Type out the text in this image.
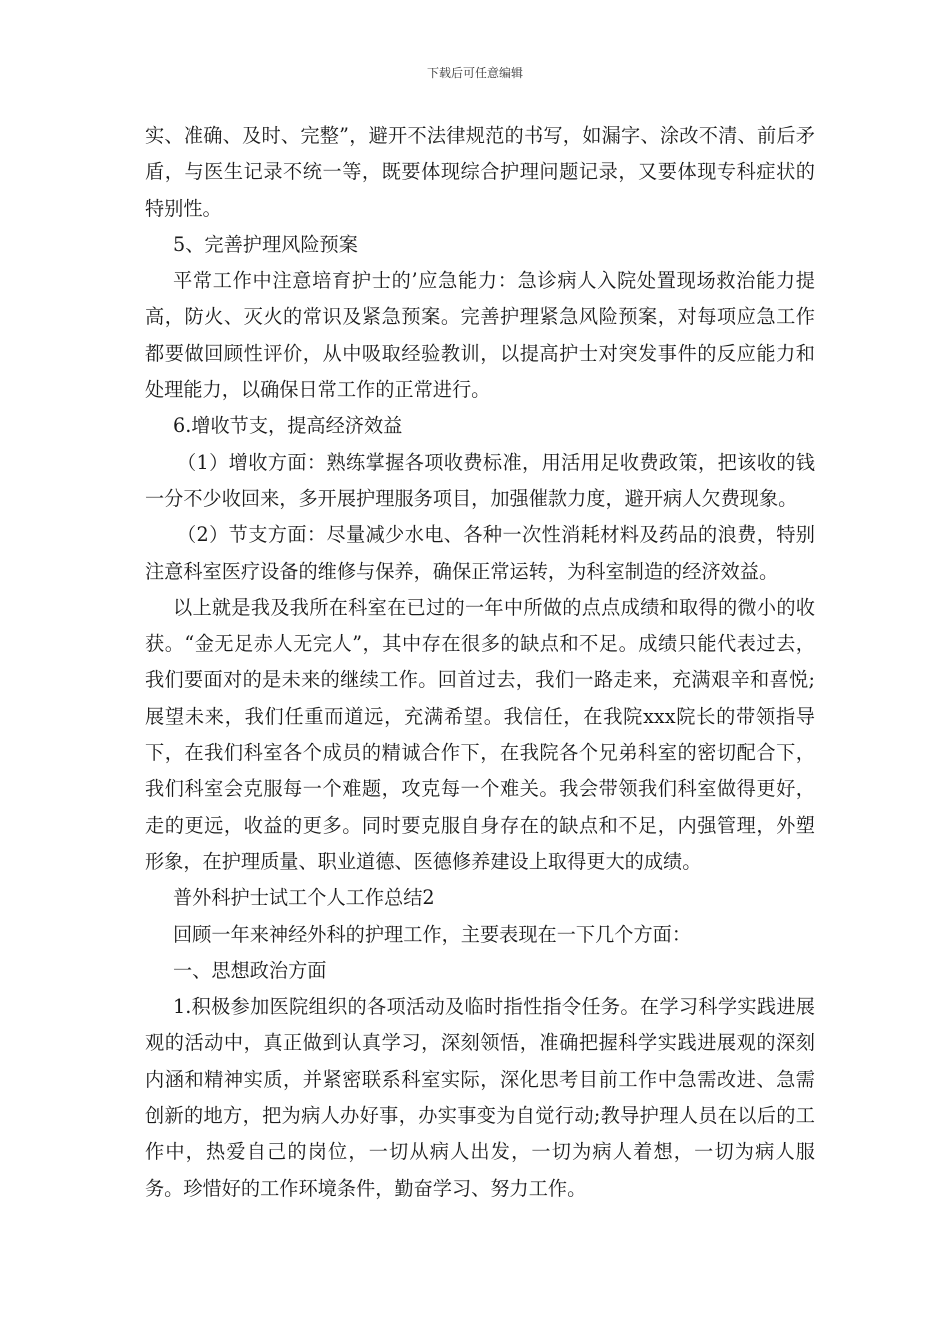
下载后可任意编辑

实、准确、及时、完整”，避开不法律规范的书写，如漏字、涂改不清、前后矛盾，与医生记录不统一等，既要体现综合护理问题记录，又要体现专科症状的特别性。

5、完善护理风险预案

平常工作中注意培育护士的’应急能力：急诊病人入院处置现场救治能力提高，防火、灭火的常识及紧急预案。完善护理紧急风险预案，对每项应急工作都要做回顾性评价，从中吸取经验教训，以提高护士对突发事件的反应能力和处理能力，以确保日常工作的正常进行。

6.增收节支，提高经济效益

（1）增收方面：熟练掌握各项收费标准，用活用足收费政策，把该收的钱一分不少收回来，多开展护理服务项目，加强催款力度，避开病人欠费现象。

（2）节支方面：尽量减少水电、各种一次性消耗材料及药品的浪费，特别注意科室医疗设备的维修与保养，确保正常运转，为科室制造的经济效益。

以上就是我及我所在科室在已过的一年中所做的点点成绩和取得的微小的收获。“金无足赤人无完人”，其中存在很多的缺点和不足。成绩只能代表过去，我们要面对的是未来的继续工作。回首过去，我们一路走来，充满艰辛和喜悦;展望未来，我们任重而道远，充满希望。我信任，在我院xxx院长的带领指导下，在我们科室各个成员的精诚合作下，在我院各个兄弟科室的密切配合下，我们科室会克服每一个难题，攻克每一个难关。我会带领我们科室做得更好，走的更远，收益的更多。同时要克服自身存在的缺点和不足，内强管理，外塑形象，在护理质量、职业道德、医德修养建设上取得更大的成绩。

普外科护士试工个人工作总结2

回顾一年来神经外科的护理工作，主要表现在一下几个方面：

一、思想政治方面

1.积极参加医院组织的各项活动及临时指性指令任务。在学习科学实践进展观的活动中，真正做到认真学习，深刻领悟，准确把握科学实践进展观的深刻内涵和精神实质，并紧密联系科室实际，深化思考目前工作中急需改进、急需创新的地方，把为病人办好事，办实事变为自觉行动;教导护理人员在以后的工作中，热爱自己的岗位，一切从病人出发，一切为病人着想，一切为病人服务。珍惜好的工作环境条件，勤奋学习、努力工作。
